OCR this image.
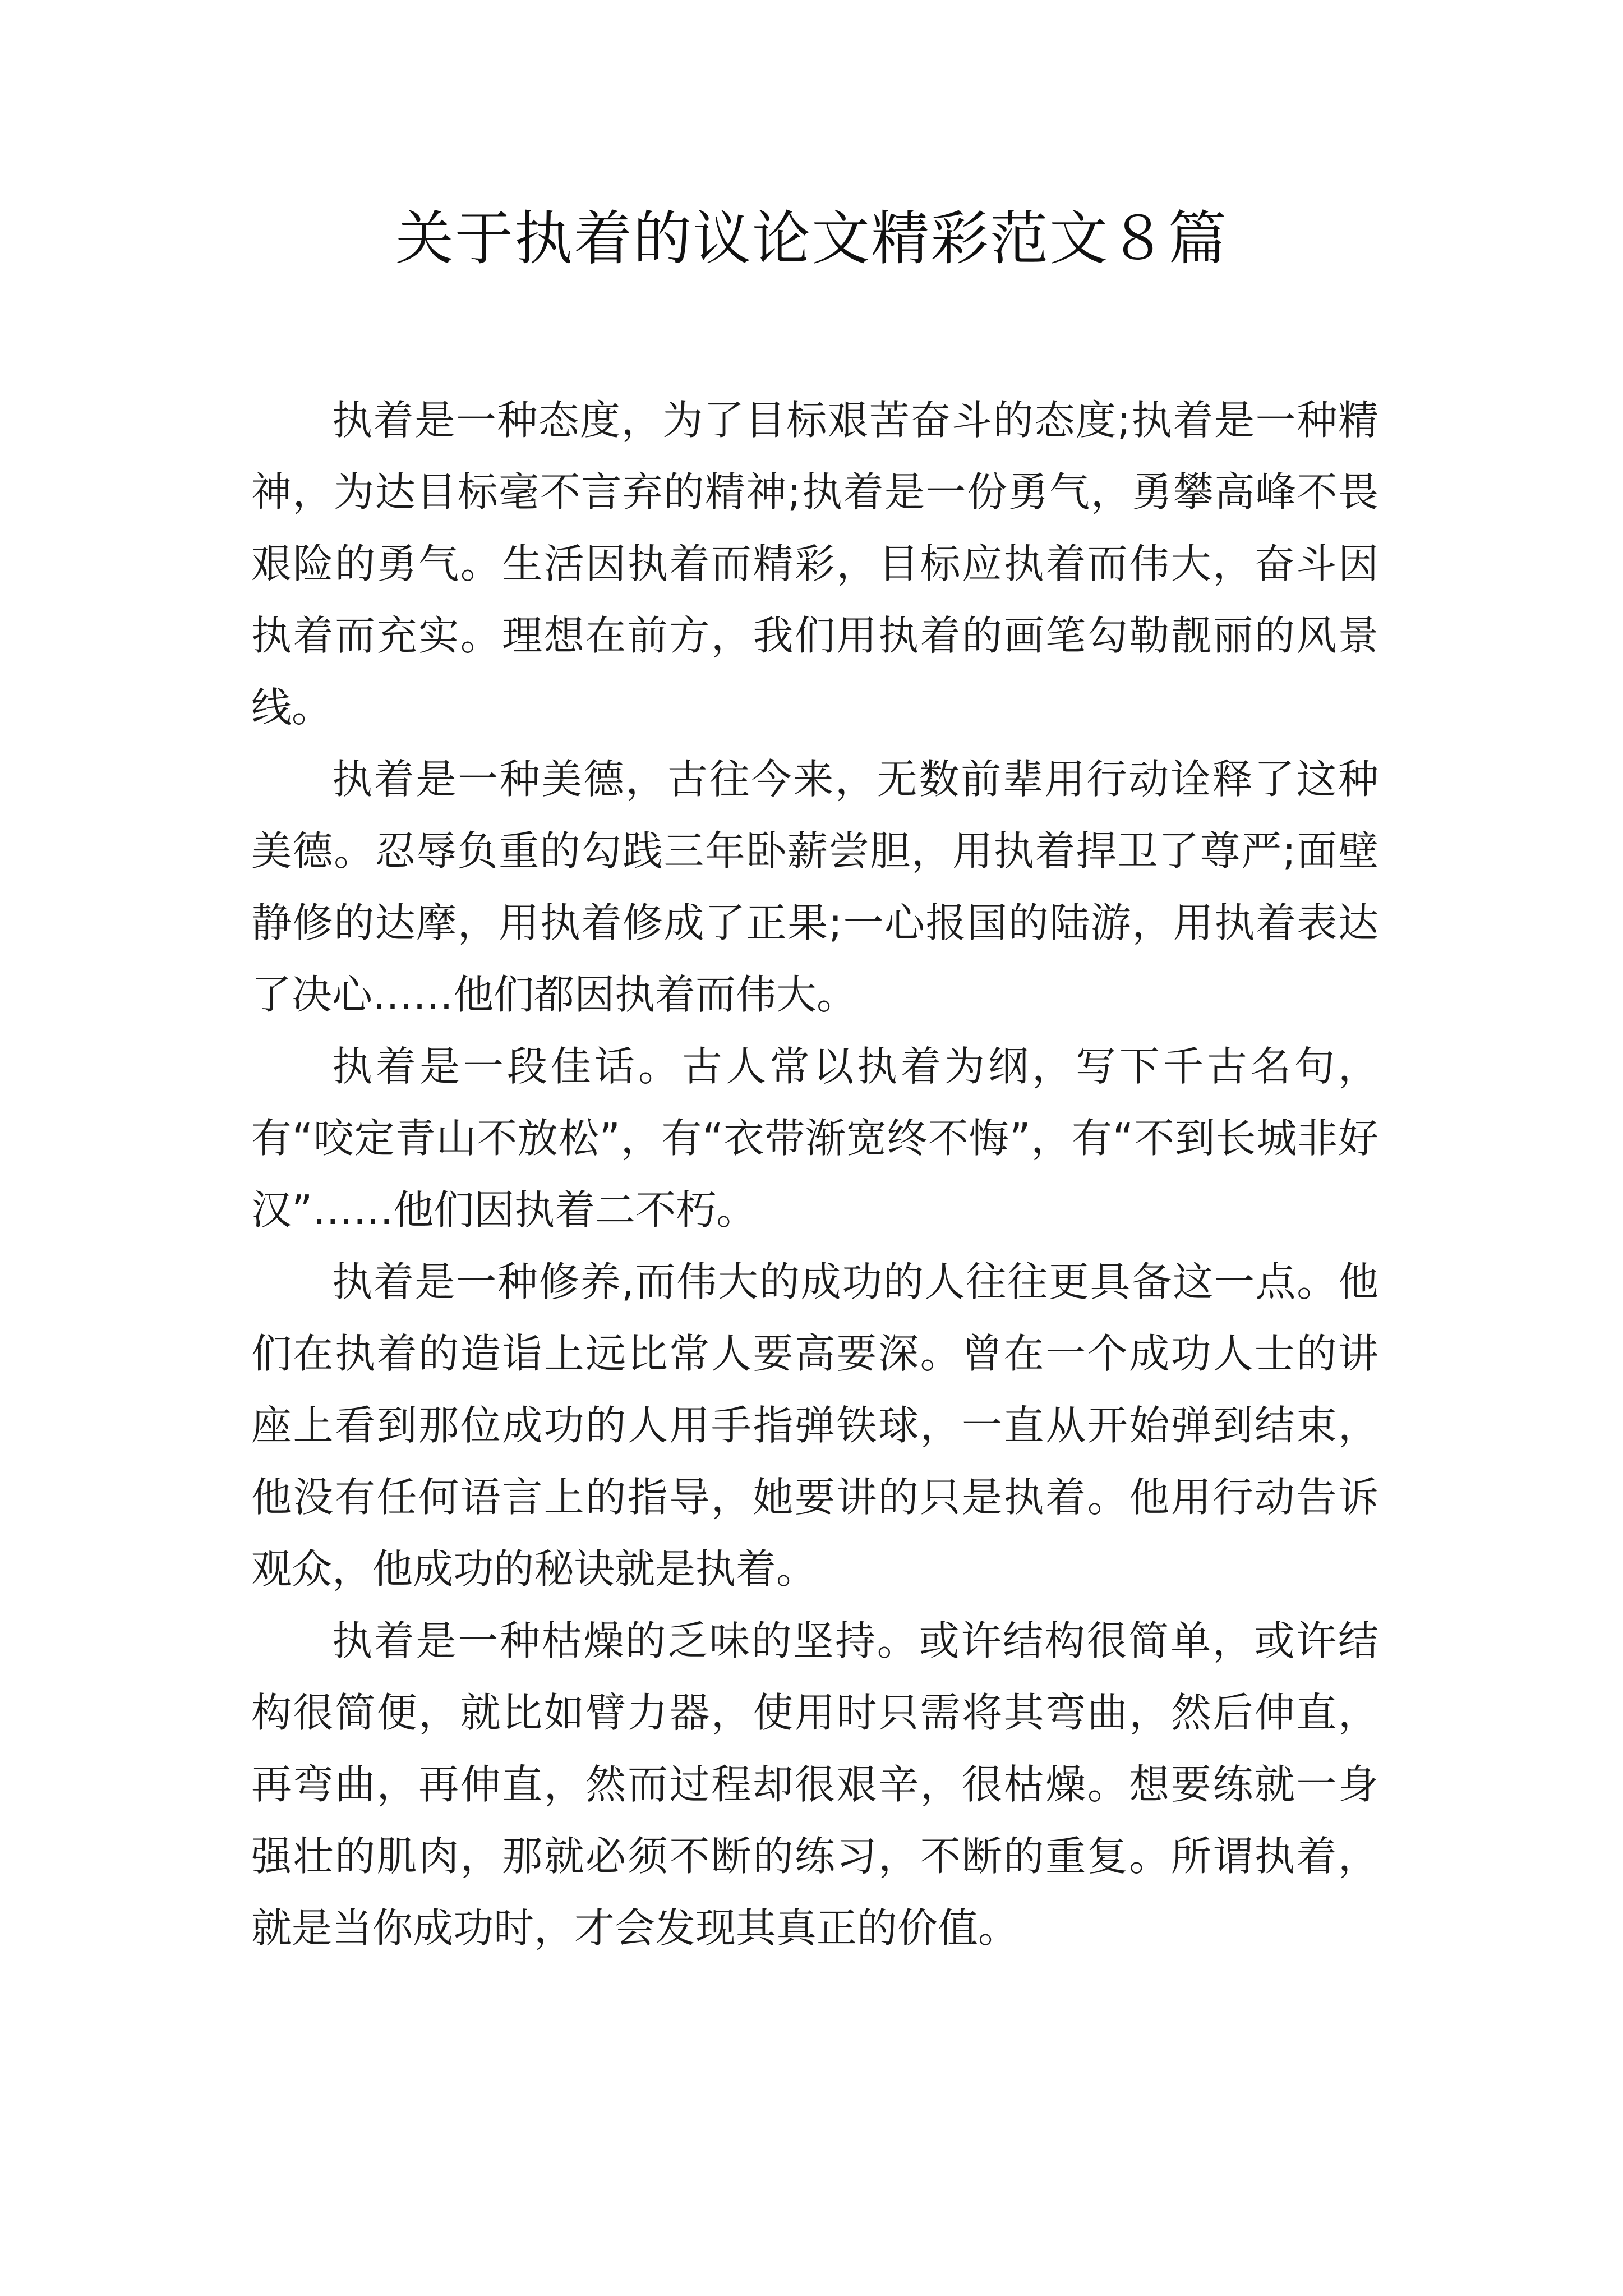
关于执着的议论文精彩范文８篇

执着是一种态度，为了目标艰苦奋斗的态度;执着是一种精神，为达目标毫不言弃的精神;执着是一份勇气，勇攀高峰不畏艰险的勇气。生活因执着而精彩，目标应执着而伟大，奋斗因执着而充实。理想在前方，我们用执着的画笔勾勒靓丽的风景线。

执着是一种美德，古往今来，无数前辈用行动诠释了这种美德。忍辱负重的勾践三年卧薪尝胆，用执着捍卫了尊严;面壁静修的达摩，用执着修成了正果;一心报国的陆游，用执着表达了决心……他们都因执着而伟大。

执着是一段佳话。古人常以执着为纲，写下千古名句，有“咬定青山不放松”，有“衣带渐宽终不悔”，有“不到长城非好汉”……他们因执着二不朽。

执着是一种修养,而伟大的成功的人往往更具备这一点。他们在执着的造诣上远比常人要高要深。曾在一个成功人士的讲座上看到那位成功的人用手指弹铁球，一直从开始弹到结束，他没有任何语言上的指导，她要讲的只是执着。他用行动告诉观众，他成功的秘诀就是执着。

执着是一种枯燥的乏味的坚持。或许结构很简单，或许结构很简便，就比如臂力器，使用时只需将其弯曲，然后伸直，再弯曲，再伸直，然而过程却很艰辛，很枯燥。想要练就一身强壮的肌肉，那就必须不断的练习，不断的重复。所谓执着，就是当你成功时，才会发现其真正的价值。
